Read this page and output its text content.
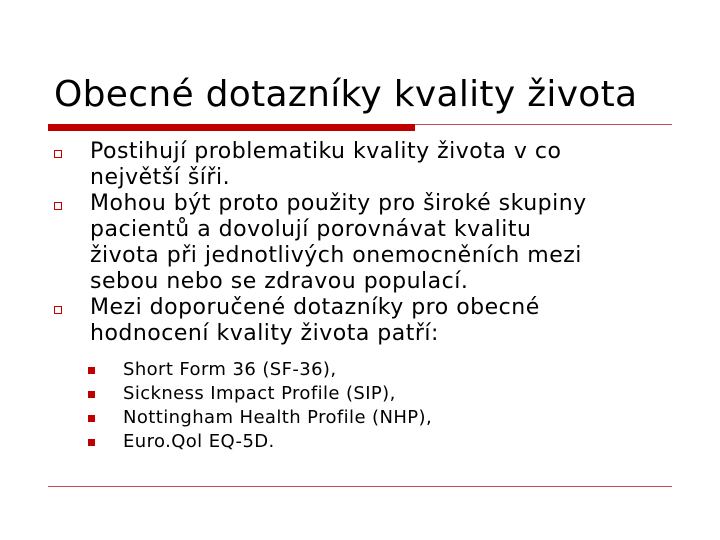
Obecné dotazníky kvality života
Postihují problematiku kvality života v co
největší šíři.
Mohou být proto použity pro široké skupiny
pacientů a dovolují porovnávat kvalitu
života při jednotlivých onemocněních mezi
sebou nebo se zdravou populací.
Mezi doporučené dotazníky pro obecné
hodnocení kvality života patří:
Short Form 36 (SF-36),
Sickness Impact Profile (SIP),
Nottingham Health Profile (NHP),
Euro.Qol EQ-5D.
